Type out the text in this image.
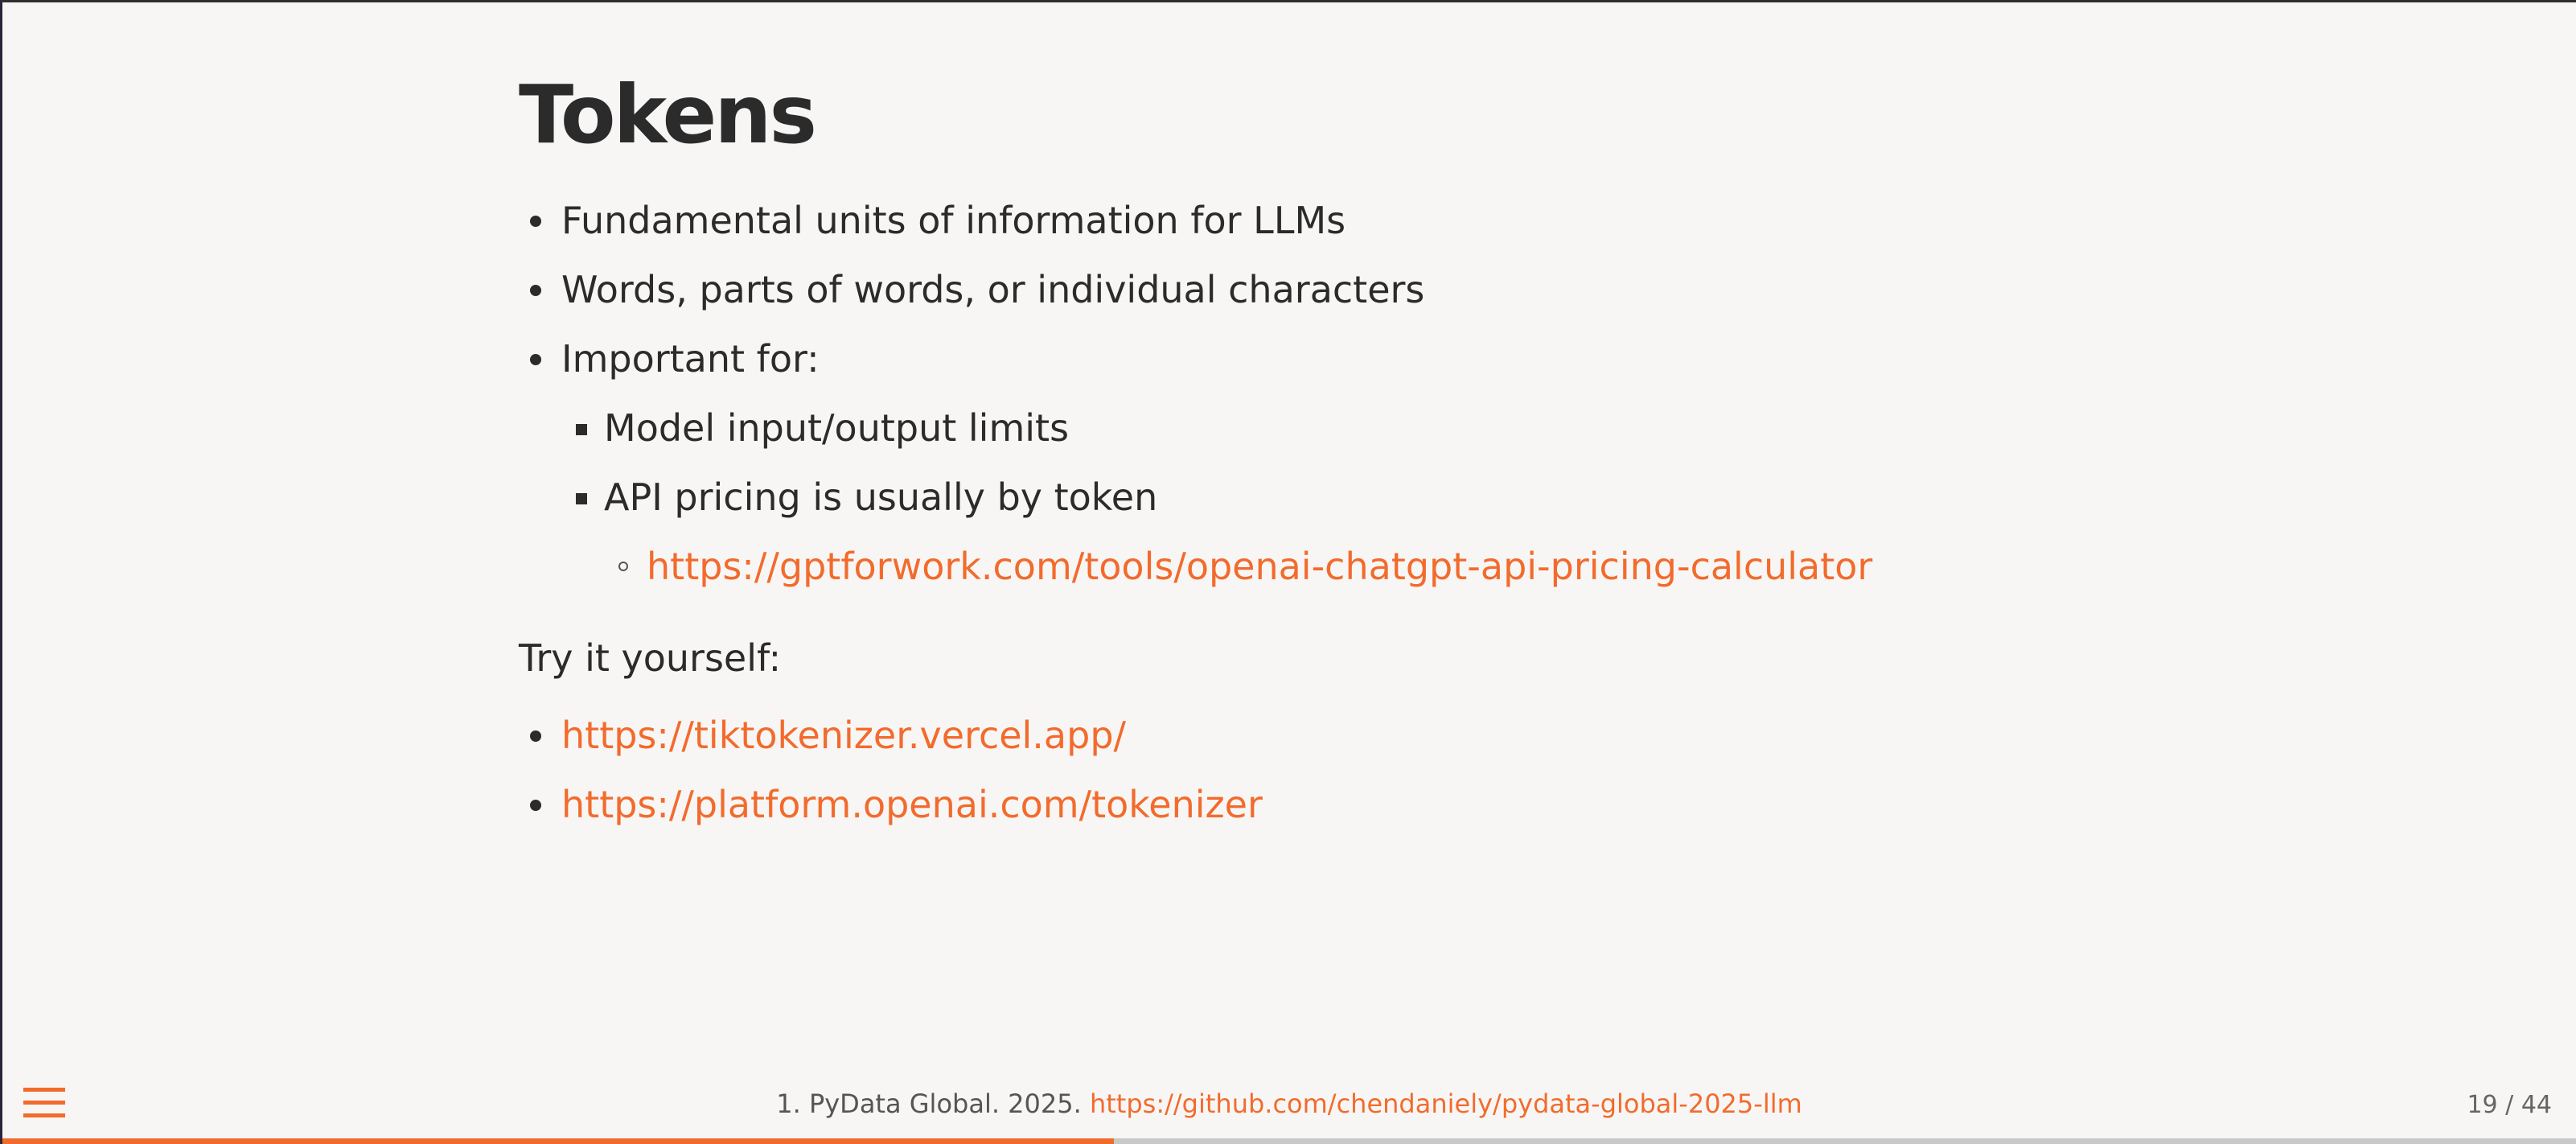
Tokens
Fundamental units of information for LLMs
Words, parts of words, or individual characters
Important for:
Model input/output limits
API pricing is usually by token
https://gptforwork.com/tools/openai-chatgpt-api-pricing-calculator

Try it yourself:

https://tiktokenizer.vercel.app/
https://platform.openai.com/tokenizer
1. PyData Global. 2025. https://github.com/chendaniely/pydata-global-2025-llm	19 / 44
